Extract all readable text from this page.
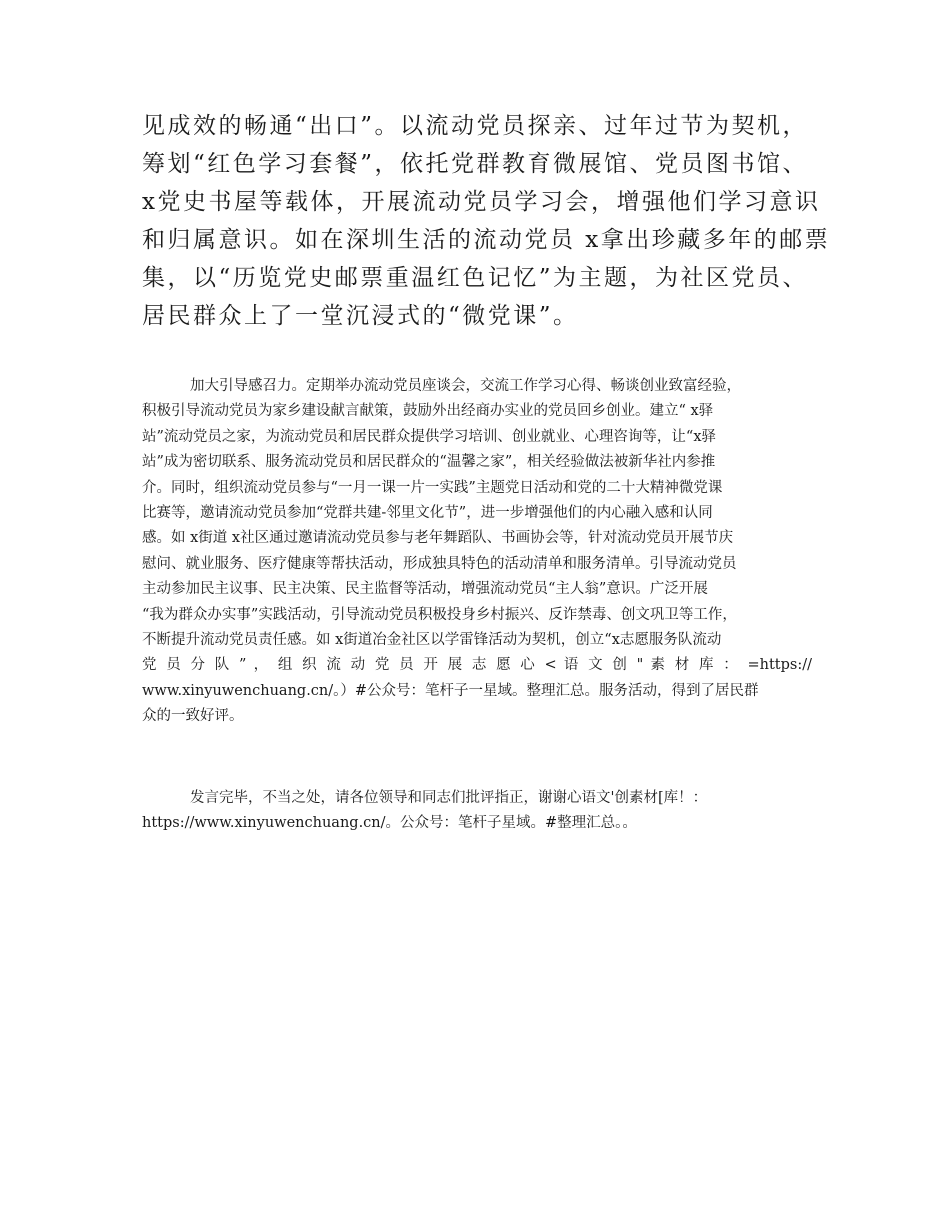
见成效的畅通“出口”。以流动党员探亲、过年过节为契机，
筹划“红色学习套餐”，依托党群教育微展馆、党员图书馆、
x党史书屋等载体，开展流动党员学习会，增强他们学习意识
和归属意识。如在深圳生活的流动党员 x拿出珍藏多年的邮票
集，以“历览党史邮票重温红色记忆”为主题，为社区党员、
居民群众上了一堂沉浸式的“微党课”。
加大引导感召力。定期举办流动党员座谈会，交流工作学习心得、畅谈创业致富经验，
积极引导流动党员为家乡建设献言献策，鼓励外出经商办实业的党员回乡创业。建立“ x驿
站”流动党员之家，为流动党员和居民群众提供学习培训、创业就业、心理咨询等，让“x驿
站”成为密切联系、服务流动党员和居民群众的“温馨之家”，相关经验做法被新华社内参推
介。同时，组织流动党员参与“一月一课一片一实践”主题党日活动和党的二十大精神微党课
比赛等，邀请流动党员参加“党群共建-邻里文化节”，进一步增强他们的内心融入感和认同
感。如 x街道 x社区通过邀请流动党员参与老年舞蹈队、书画协会等，针对流动党员开展节庆
慰问、就业服务、医疗健康等帮扶活动，形成独具特色的活动清单和服务清单。引导流动党员
主动参加民主议事、民主决策、民主监督等活动，增强流动党员“主人翁”意识。广泛开展
“我为群众办实事”实践活动，引导流动党员积极投身乡村振兴、反诈禁毒、创文巩卫等工作，
不断提升流动党员责任感。如 x街道冶金社区以学雷锋活动为契机，创立“x志愿服务队流动
党 员 分 队 ” ， 组 织 流 动 党 员 开 展 志 愿 心 < 语 文 创 " 素 材 库 ： =https://
www.xinyuwenchuang.cn/。）#公众号：笔杆子一星域。整理汇总。服务活动，得到了居民群
众的一致好评。
发言完毕，不当之处，请各位领导和同志们批评指正，谢谢心语文'创素材[库！：
https://www.xinyuwenchuang.cn/。公众号：笔杆子星域。#整理汇总。。
